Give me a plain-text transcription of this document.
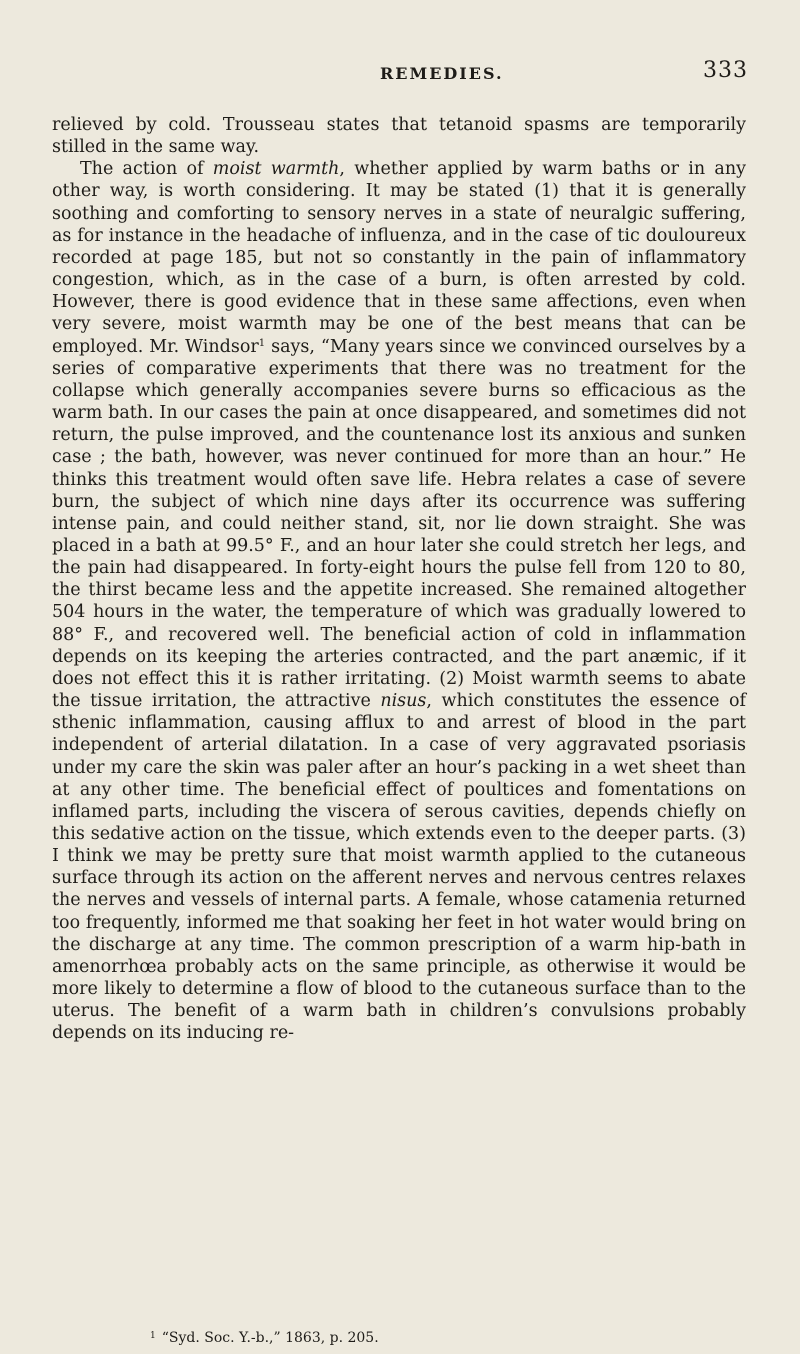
REMEDIES.	333

relieved by cold. Trousseau states that tetanoid spasms are temporarily stilled in the same way.

The action of moist warmth, whether applied by warm baths or in any other way, is worth considering. It may be stated (1) that it is generally soothing and comforting to sensory nerves in a state of neuralgic suffering, as for instance in the headache of influenza, and in the case of tic douloureux recorded at page 185, but not so constantly in the pain of inflammatory congestion, which, as in the case of a burn, is often arrested by cold. However, there is good evidence that in these same affections, even when very severe, moist warmth may be one of the best means that can be employed. Mr. Windsor$^1$ says, “Many years since we convinced ourselves by a series of comparative experiments that there was no treatment for the collapse which generally accompanies severe burns so efficacious as the warm bath. In our cases the pain at once disappeared, and sometimes did not return, the pulse improved, and the countenance lost its anxious and sunken case ; the bath, however, was never continued for more than an hour.” He thinks this treatment would often save life. Hebra relates a case of severe burn, the subject of which nine days after its occurrence was suffering intense pain, and could neither stand, sit, nor lie down straight. She was placed in a bath at 99.5° F., and an hour later she could stretch her legs, and the pain had disappeared. In forty-eight hours the pulse fell from 120 to 80, the thirst became less and the appetite increased. She remained altogether 504 hours in the water, the temperature of which was gradually lowered to 88° F., and recovered well. The beneficial action of cold in inflammation depends on its keeping the arteries contracted, and the part anæmic, if it does not effect this it is rather irritating. (2) Moist warmth seems to abate the tissue irritation, the attractive nisus, which constitutes the essence of sthenic inflammation, causing afflux to and arrest of blood in the part independent of arterial dilatation. In a case of very aggravated psoriasis under my care the skin was paler after an hour’s packing in a wet sheet than at any other time. The beneficial effect of poultices and fomentations on inflamed parts, including the viscera of serous cavities, depends chiefly on this sedative action on the tissue, which extends even to the deeper parts. (3) I think we may be pretty sure that moist warmth applied to the cutaneous surface through its action on the afferent nerves and nervous centres relaxes the nerves and vessels of internal parts. A female, whose catamenia returned too frequently, informed me that soaking her feet in hot water would bring on the discharge at any time. The common prescription of a warm hip-bath in amenorrhœa probably acts on the same principle, as otherwise it would be more likely to determine a flow of blood to the cutaneous surface than to the uterus. The benefit of a warm bath in children’s convulsions probably depends on its inducing re-

$^1$ “Syd. Soc. Y.-b.,” 1863, p. 205.
